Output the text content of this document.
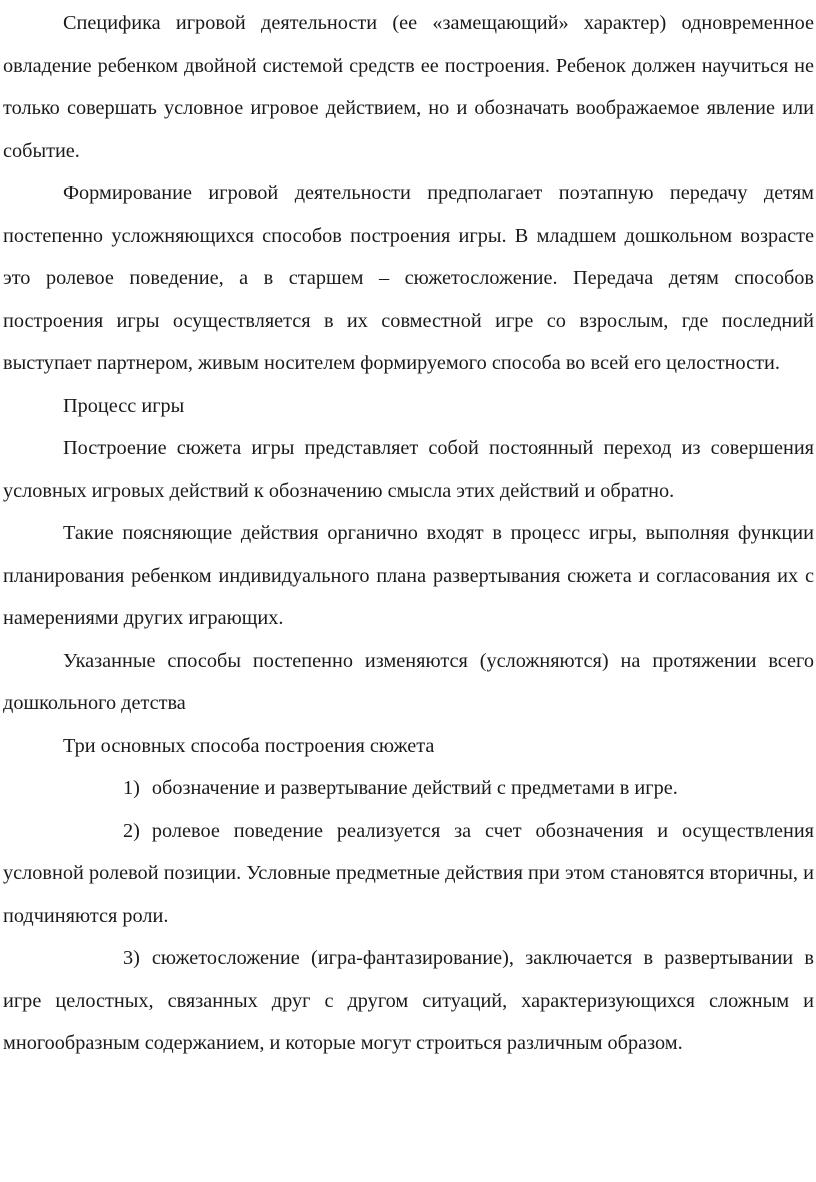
Специфика игровой деятельности (ее «замещающий» характер) одновременное овладение ребенком двойной системой средств ее построения. Ребенок должен научиться не только совершать условное игровое действием, но и обозначать воображаемое явление или событие.

Формирование игровой деятельности предполагает поэтапную передачу детям постепенно усложняющихся способов построения игры. В младшем дошкольном возрасте это ролевое поведение, а в старшем – сюжетосложение. Передача детям способов построения игры осуществляется в их совместной игре со взрослым, где последний выступает партнером, живым носителем формируемого способа во всей его целостности.

Процесс игры

Построение сюжета игры представляет собой постоянный переход из совершения условных игровых действий к обозначению смысла этих действий и обратно.

Такие поясняющие действия органично входят в процесс игры, выполняя функции планирования ребенком индивидуального плана развертывания сюжета и согласования их с намерениями других играющих.

Указанные способы постепенно изменяются (усложняются) на протяжении всего дошкольного детства

Три основных способа построения сюжета

1) обозначение и развертывание действий с предметами в игре.

2) ролевое поведение реализуется за счет обозначения и осуществления условной ролевой позиции. Условные предметные действия при этом становятся вторичны, и подчиняются роли.

3) сюжетосложение (игра-фантазирование), заключается в развертывании в игре целостных, связанных друг с другом ситуаций, характеризующихся сложным и многообразным содержанием, и которые могут строиться различным образом.
